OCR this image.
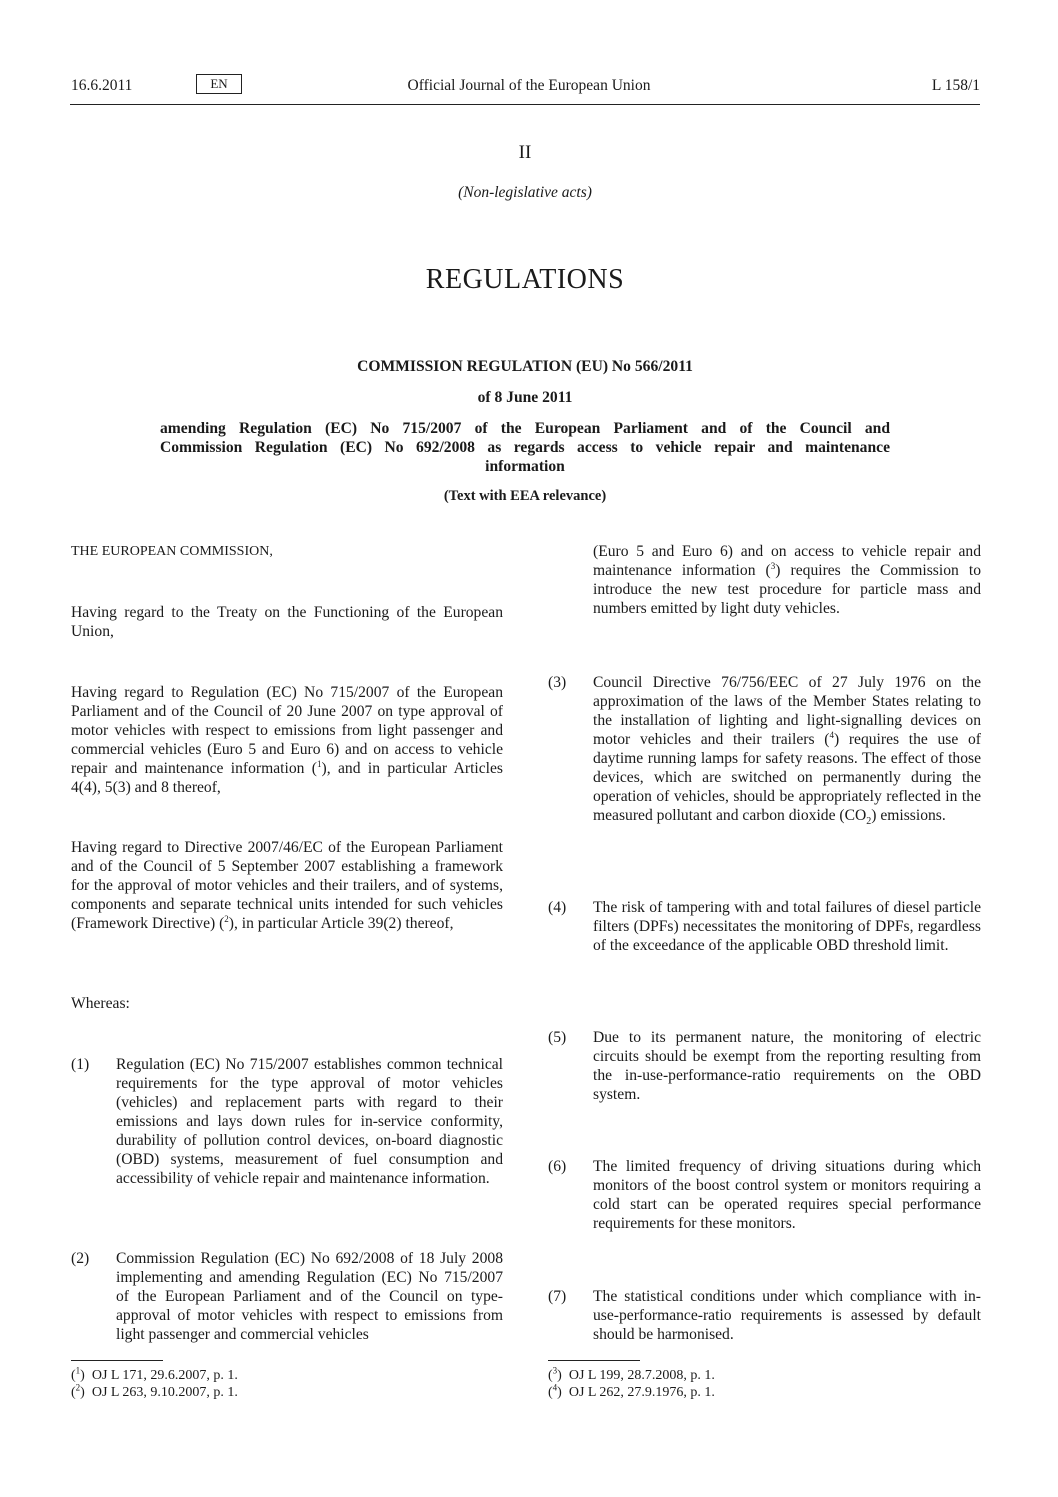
16.6.2011	EN	Official Journal of the European Union	L 158/1
II
(Non-legislative acts)
REGULATIONS
COMMISSION REGULATION (EU) No 566/2011
of 8 June 2011
amending Regulation (EC) No 715/2007 of the European Parliament and of the Council and
Commission Regulation (EC) No 692/2008 as regards access to vehicle repair and maintenance
information
(Text with EEA relevance)
THE EUROPEAN COMMISSION,
Having regard to the Treaty on the Functioning of the European Union,
Having regard to Regulation (EC) No 715/2007 of the European Parliament and of the Council of 20 June 2007 on type approval of motor vehicles with respect to emissions from light passenger and commercial vehicles (Euro 5 and Euro 6) and on access to vehicle repair and maintenance information ($^1$), and in particular Articles 4(4), 5(3) and 8 thereof,
Having regard to Directive 2007/46/EC of the European Parliament and of the Council of 5 September 2007 establishing a framework for the approval of motor vehicles and their trailers, and of systems, components and separate technical units intended for such vehicles (Framework Directive) ($^2$), in particular Article 39(2) thereof,
Whereas:
(1) Regulation (EC) No 715/2007 establishes common technical requirements for the type approval of motor vehicles (vehicles) and replacement parts with regard to their emissions and lays down rules for in-service conformity, durability of pollution control devices, on-board diagnostic (OBD) systems, measurement of fuel consumption and accessibility of vehicle repair and maintenance information.
(2) Commission Regulation (EC) No 692/2008 of 18 July 2008 implementing and amending Regulation (EC) No 715/2007 of the European Parliament and of the Council on type-approval of motor vehicles with respect to emissions from light passenger and commercial vehicles
(Euro 5 and Euro 6) and on access to vehicle repair and maintenance information ($^3$) requires the Commission to introduce the new test procedure for particle mass and numbers emitted by light duty vehicles.
(3) Council Directive 76/756/EEC of 27 July 1976 on the approximation of the laws of the Member States relating to the installation of lighting and light-signalling devices on motor vehicles and their trailers ($^4$) requires the use of daytime running lamps for safety reasons. The effect of those devices, which are switched on permanently during the operation of vehicles, should be appropriately reflected in the measured pollutant and carbon dioxide $(CO_2)$ emissions.
(4) The risk of tampering with and total failures of diesel particle filters (DPFs) necessitates the monitoring of DPFs, regardless of the exceedance of the applicable OBD threshold limit.
(5) Due to its permanent nature, the monitoring of electric circuits should be exempt from the reporting resulting from the in-use-performance-ratio requirements on the OBD system.
(6) The limited frequency of driving situations during which monitors of the boost control system or monitors requiring a cold start can be operated requires special performance requirements for these monitors.
(7) The statistical conditions under which compliance with in-use-performance-ratio requirements is assessed by default should be harmonised.
($^1$)  OJ L 171, 29.6.2007, p. 1.
($^2$)  OJ L 263, 9.10.2007, p. 1.
($^3$)  OJ L 199, 28.7.2008, p. 1.
($^4$)  OJ L 262, 27.9.1976, p. 1.
